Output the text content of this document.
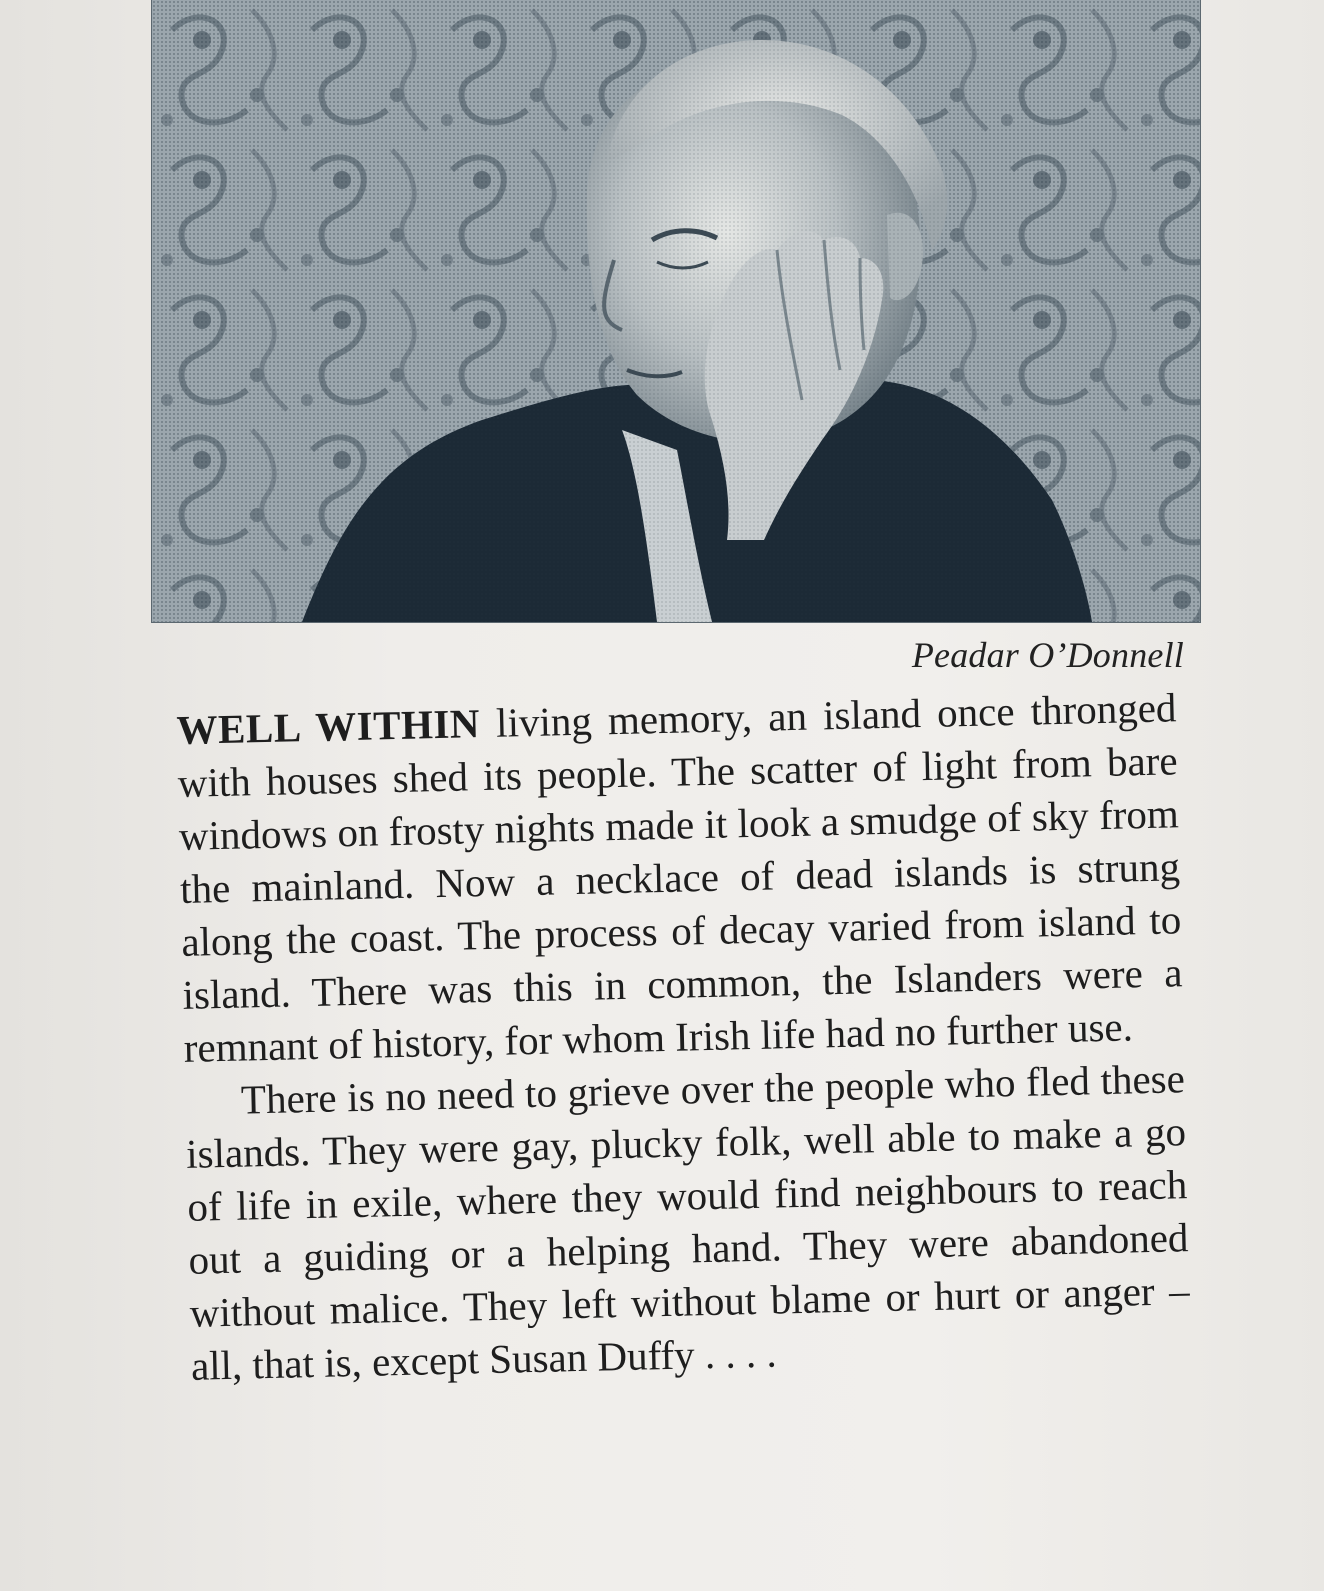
Peadar O’Donnell

WELL WITHIN living memory, an island once thronged with houses shed its people. The scatter of light from bare windows on frosty nights made it look a smudge of sky from the mainland. Now a necklace of dead islands is strung along the coast. The process of decay varied from island to island. There was this in common, the Islanders were a remnant of history, for whom Irish life had no further use.

There is no need to grieve over the people who fled these islands. They were gay, plucky folk, well able to make a go of life in exile, where they would find neighbours to reach out a guiding or a helping hand. They were abandoned without malice. They left without blame or hurt or anger – all, that is, except Susan Duffy . . . .
